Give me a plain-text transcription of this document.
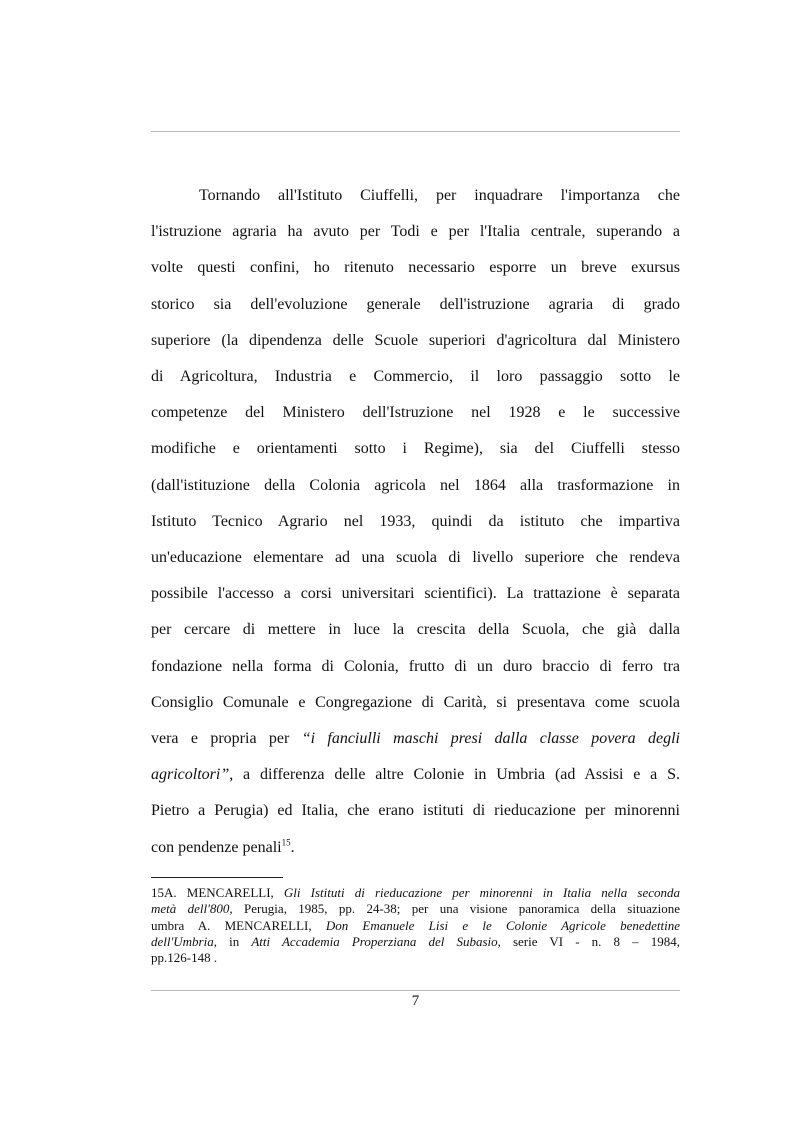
Tornando all'Istituto Ciuffelli, per inquadrare l'importanza che
l'istruzione agraria ha avuto per Todi e per l'Italia centrale, superando a
volte questi confini, ho ritenuto necessario esporre un breve exursus
storico sia dell'evoluzione generale dell'istruzione agraria di grado
superiore (la dipendenza delle Scuole superiori d'agricoltura dal Ministero
di Agricoltura, Industria e Commercio, il loro passaggio sotto le
competenze del Ministero dell'Istruzione nel 1928 e le successive
modifiche e orientamenti sotto i Regime), sia del Ciuffelli stesso
(dall'istituzione della Colonia agricola nel 1864 alla trasformazione in
Istituto Tecnico Agrario nel 1933, quindi da istituto che impartiva
un'educazione elementare ad una scuola di livello superiore che rendeva
possibile l'accesso a corsi universitari scientifici). La trattazione è separata
per cercare di mettere in luce la crescita della Scuola, che già dalla
fondazione nella forma di Colonia, frutto di un duro braccio di ferro tra
Consiglio Comunale e Congregazione di Carità, si presentava come scuola
vera e propria per “i fanciulli maschi presi dalla classe povera degli
agricoltori”, a differenza delle altre Colonie in Umbria (ad Assisi e a S.
Pietro a Perugia) ed Italia, che erano istituti di rieducazione per minorenni
con pendenze penali$^{15}$.
15A. MENCARELLI, Gli Istituti di rieducazione per minorenni in Italia nella seconda
metà dell'800, Perugia, 1985, pp. 24-38; per una visione panoramica della situazione
umbra A. MENCARELLI, Don Emanuele Lisi e le Colonie Agricole benedettine
dell'Umbria, in Atti Accademia Properziana del Subasio, serie VI - n. 8 – 1984,
pp.126-148 .
7
